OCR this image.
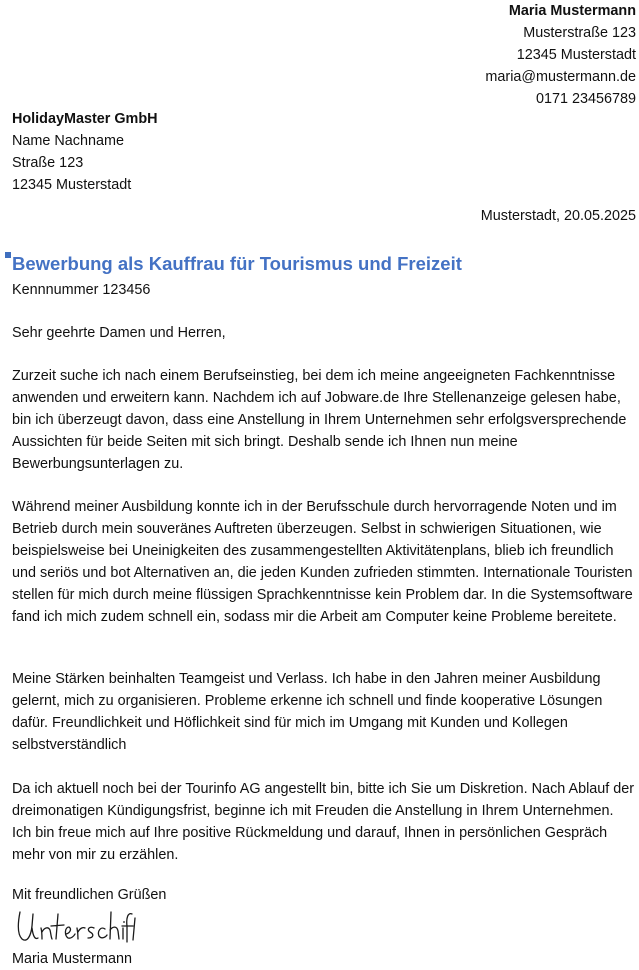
Maria Mustermann
Musterstraße 123
12345 Musterstadt
maria@mustermann.de
0171 23456789
HolidayMaster GmbH
Name Nachname
Straße 123
12345 Musterstadt
Musterstadt, 20.05.2025
Bewerbung als Kauffrau für Tourismus und Freizeit
Kennnummer 123456
Sehr geehrte Damen und Herren,

Zurzeit suche ich nach einem Berufseinstieg, bei dem ich meine angeeigneten Fachkenntnisse anwenden und erweitern kann. Nachdem ich auf Jobware.de Ihre Stellenanzeige gelesen habe, bin ich überzeugt davon, dass eine Anstellung in Ihrem Unternehmen sehr erfolgsversprechende Aussichten für beide Seiten mit sich bringt. Deshalb sende ich Ihnen nun meine Bewerbungsunterlagen zu.

Während meiner Ausbildung konnte ich in der Berufsschule durch hervorragende Noten und im Betrieb durch mein souveränes Auftreten überzeugen. Selbst in schwierigen Situationen, wie beispielsweise bei Uneinigkeiten des zusammengestellten Aktivitätenplans, blieb ich freundlich und seriös und bot Alternativen an, die jeden Kunden zufrieden stimmten. Internationale Touristen stellen für mich durch meine flüssigen Sprachkenntnisse kein Problem dar. In die Systemsoftware fand ich mich zudem schnell ein, sodass mir die Arbeit am Computer keine Probleme bereitete.

Meine Stärken beinhalten Teamgeist und Verlass. Ich habe in den Jahren meiner Ausbildung gelernt, mich zu organisieren. Probleme erkenne ich schnell und finde kooperative Lösungen dafür. Freundlichkeit und Höflichkeit sind für mich im Umgang mit Kunden und Kollegen selbstverständlich

Da ich aktuell noch bei der Tourinfo AG angestellt bin, bitte ich Sie um Diskretion. Nach Ablauf der dreimonatigen Kündigungsfrist, beginne ich mit Freuden die Anstellung in Ihrem Unternehmen. Ich bin freue mich auf Ihre positive Rückmeldung und darauf, Ihnen in persönlichen Gespräch mehr von mir zu erzählen.

Mit freundlichen Grüßen
Maria Mustermann
